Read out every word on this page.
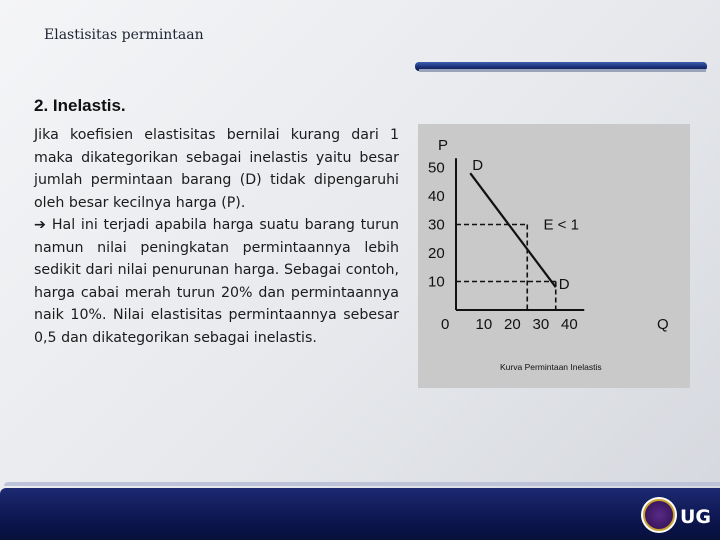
Elastisitas permintaan
2. Inelastis.

Jika koefisien elastisitas bernilai kurang dari 1 maka dikategorikan sebagai inelastis yaitu besar jumlah permintaan barang (D) tidak dipengaruhi oleh besar kecilnya harga (P).

➔ Hal ini terjadi apabila harga suatu barang turun namun nilai peningkatan permintaannya lebih sedikit dari nilai penurunan harga. Sebagai contoh, harga cabai merah turun 20% dan permintaannya naik 10%. Nilai elastisitas permintaannya sebesar 0,5 dan dikategorikan sebagai inelastis.

P
Q
10
20
30
40
50
0 10 20 30 40
D
D
E < 1
Kurva Permintaan Inelastis
UG
